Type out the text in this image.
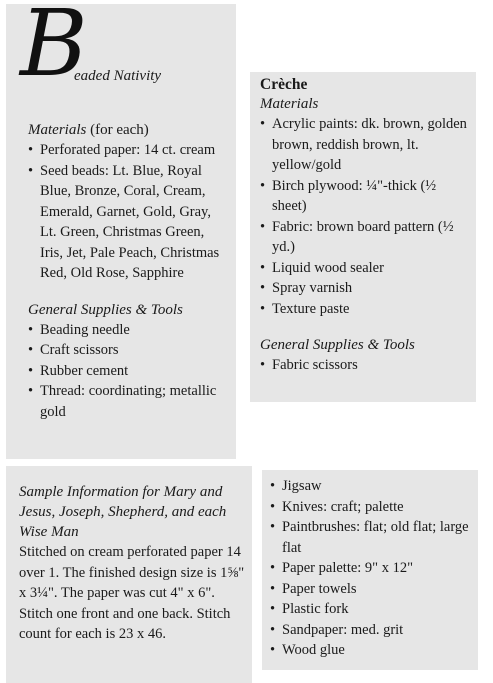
B
eaded Nativity
Materials (for each)
• Perforated paper: 14 ct. cream
• Seed beads: Lt. Blue, Royal Blue, Bronze, Coral, Cream, Emerald, Garnet, Gold, Gray, Lt. Green, Christmas Green, Iris, Jet, Pale Peach, Christmas Red, Old Rose, Sapphire
General Supplies & Tools
• Beading needle
• Craft scissors
• Rubber cement
• Thread: coordinating; metallic gold
Crèche
Materials
• Acrylic paints: dk. brown, golden brown, reddish brown, lt. yellow/gold
• Birch plywood: ¼"-thick (½ sheet)
• Fabric: brown board pattern (½ yd.)
• Liquid wood sealer
• Spray varnish
• Texture paste
General Supplies & Tools
• Fabric scissors
Sample Information for Mary and Jesus, Joseph, Shepherd, and each Wise Man
Stitched on cream perforated paper 14 over 1. The finished design size is 1⅝" x 3¼". The paper was cut 4" x 6". Stitch one front and one back. Stitch count for each is 23 x 46.
• Jigsaw
• Knives: craft; palette
• Paintbrushes: flat; old flat; large flat
• Paper palette: 9" x 12"
• Paper towels
• Plastic fork
• Sandpaper: med. grit
• Wood glue
